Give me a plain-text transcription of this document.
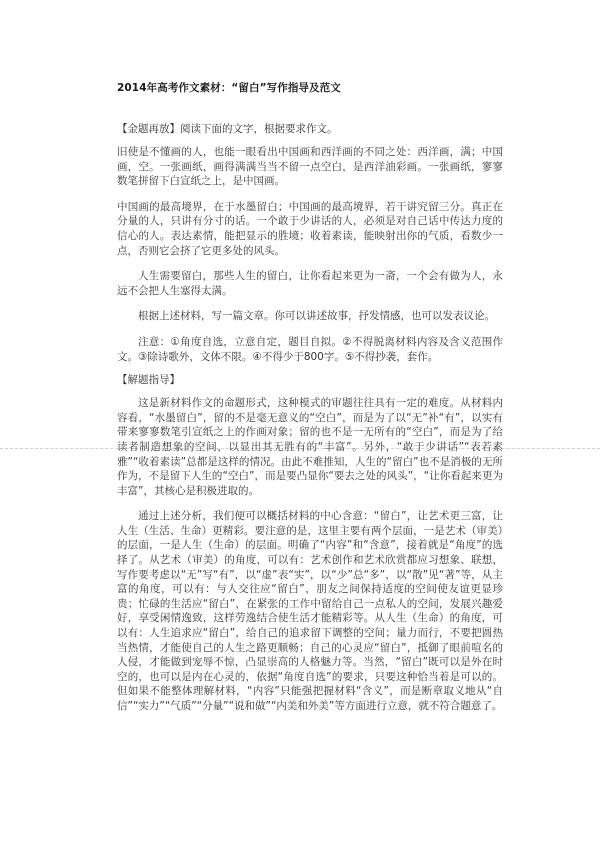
2014年高考作文素材：“留白”写作指导及范文
【金题再放】阅读下面的文字，根据要求作文。

旧使是不懂画的人，也能一眼看出中国画和西洋画的不同之处：西洋画，满；中国画，空。一张画纸，画得满满当当不留一点空白，是西洋油彩画。一张画纸，寥寥数笔拼留下白宣纸之上，是中国画。

中国画的最高境界，在于水墨留白；中国画的最高境界，若干讲究留三分。真正在分量的人，只讲有分寸的话。一个敢于少讲话的人，必须是对自己话中传达力度的信心的人。表达素情，能把显示的胜境；收着素读，能映射出你的气质，看数少一点，否则它会挤了它更多处的风头。

人生需要留白，那些人生的留白，让你看起来更为一斋，一个会有做为人，永远不会把人生塞得太满。

根据上述材料，写一篇文章。你可以讲述故事，抒发情感，也可以发表议论。

注意：①角度自选，立意自定，题目自拟。②不得脱离材料内容及含义范围作文。③除诗歌外，文体不限。④不得少于800字。⑤不得抄袭，套作。

【解题指导】

这是新材料作文的命题形式，这种模式的审题往往具有一定的难度。从材料内容看，“水墨留白”，留的不是毫无意义的“空白”，而是为了以“无”补“有”，以实有带来寥寥数笔引宣纸之上的作画对象；留的也不是一无所有的“空白”，而是为了给读者制造想象的空间，以显出其无胜有的“丰富”。另外，“敢于少讲话”“表若素雅”“收着素读”总都是这样的情况。由此不难推知，人生的“留白”也不是消极的无所作为，不是留下人生的“空白”，而是要凸显你“要去之处的风头”，“让你看起来更为丰富”，其核心是积极进取的。

通过上述分析，我们便可以概括材料的中心含意：“留白”，让艺术更三富，让人生（生活、生命）更精彩。要注意的是，这里主要有两个层面，一是艺术（审美）的层面，一是人生（生命）的层面。明确了“内容”和“含意”，接着就是“角度”的选择了。从艺术（审美）的角度，可以有：艺术创作和艺术欣赏都应习想象、联想，写作要考虑以“无”写“有”，以“虚”表“实”，以“少”总“多”，以“散”见“著”等，从主富的角度，可以有：与人交往应“留白”，朋友之间保持适度的空间使友谊更显珍贵；忙碌的生活应“留白”，在紧张的工作中留给自己一点私人的空间，发展兴趣爱好，享受闲情逸致，这样劳逸结合使生活才能精彩等。从人生（生命）的角度，可以有：人生追求应“留白”，给自己的追求留下调整的空间；量力而行，不要把圆热当热情，才能使自己的人生之路更顺畅；自己的心灵应“留白”，抵御了眼前喧名的人侵，才能做到宠辱不惊，凸显崇高的人格魅力等。当然，“留白”既可以是外在时空的，也可以是内在心灵的，依据“角度自选”的要求，只要这种恰当着是可以的。但如果不能整体理解材料，“内容”只能强把握材料“含义”，而是断章取义地从“自信”“实力”“气质”“分量”“说和做”“内美和外美”等方面进行立意，就不符合题意了。
